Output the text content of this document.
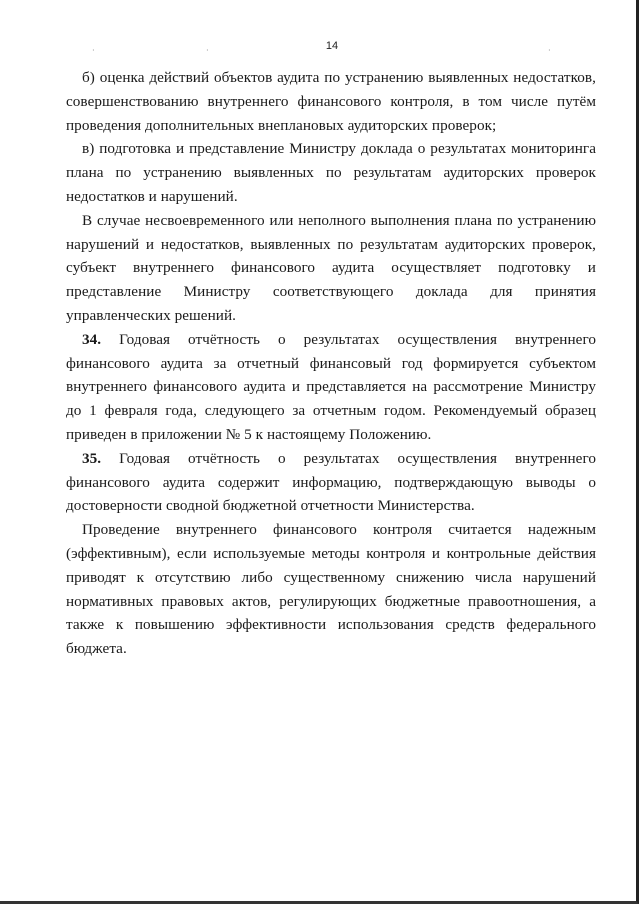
·	·	·
14

б) оценка действий объектов аудита по устранению выявленных недостатков, совершенствованию внутреннего финансового контроля, в том числе путём проведения дополнительных внеплановых аудиторских проверок;

в) подготовка и представление Министру доклада о результатах мониторинга плана по устранению выявленных по результатам аудиторских проверок недостатков и нарушений.

В случае несвоевременного или неполного выполнения плана по устранению нарушений и недостатков, выявленных по результатам аудиторских проверок, субъект внутреннего финансового аудита осуществляет подготовку и представление Министру соответствующего доклада для принятия управленческих решений.

34. Годовая отчётность о результатах осуществления внутреннего финансового аудита за отчетный финансовый год формируется субъектом внутреннего финансового аудита и представляется на рассмотрение Министру до 1 февраля года, следующего за отчетным годом. Рекомендуемый образец приведен в приложении № 5 к настоящему Положению.

35. Годовая отчётность о результатах осуществления внутреннего финансового аудита содержит информацию, подтверждающую выводы о достоверности сводной бюджетной отчетности Министерства.

Проведение внутреннего финансового контроля считается надежным (эффективным), если используемые методы контроля и контрольные действия приводят к отсутствию либо существенному снижению числа нарушений нормативных правовых актов, регулирующих бюджетные правоотношения, а также к повышению эффективности использования средств федерального бюджета.
